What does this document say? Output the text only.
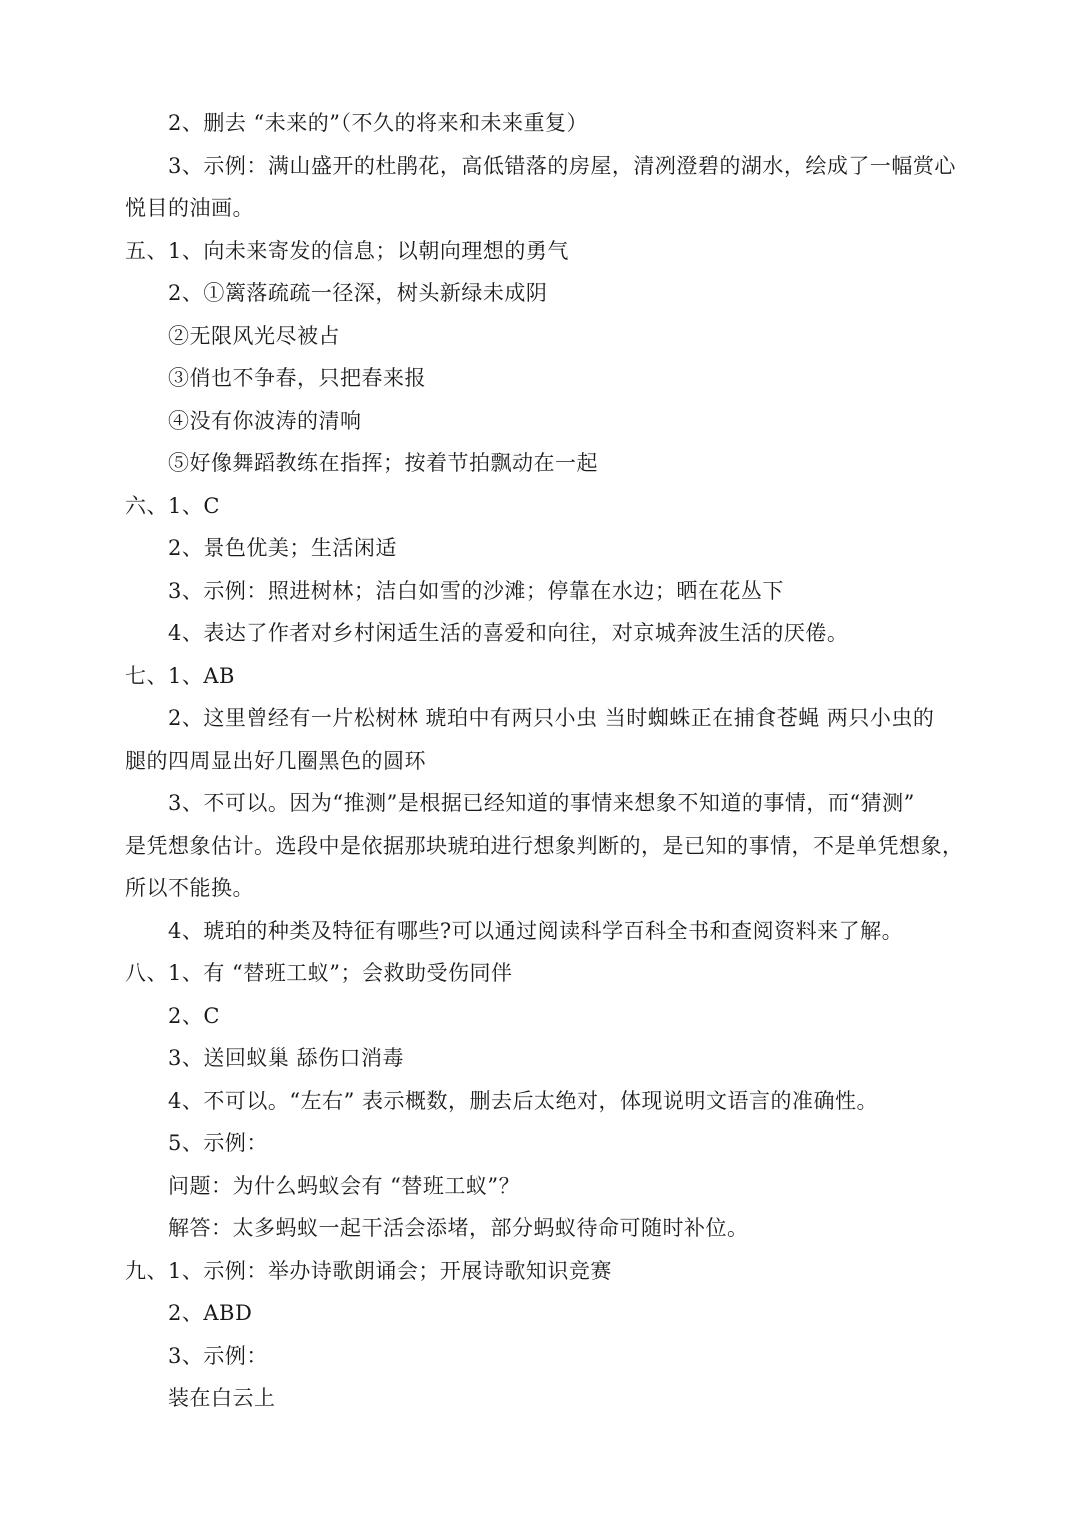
2、删去 “未来的”（不久的将来和未来重复）
3、示例：满山盛开的杜鹃花，高低错落的房屋，清冽澄碧的湖水，绘成了一幅赏心
悦目的油画。
五、1、向未来寄发的信息；以朝向理想的勇气
2、①篱落疏疏一径深，树头新绿未成阴
②无限风光尽被占
③俏也不争春，只把春来报
④没有你波涛的清响
⑤好像舞蹈教练在指挥；按着节拍飘动在一起
六、1、C
2、景色优美；生活闲适
3、示例：照进树林；洁白如雪的沙滩；停靠在水边；晒在花丛下
4、表达了作者对乡村闲适生活的喜爱和向往，对京城奔波生活的厌倦。
七、1、AB
2、这里曾经有一片松树林 琥珀中有两只小虫 当时蜘蛛正在捕食苍蝇 两只小虫的
腿的四周显出好几圈黑色的圆环
3、不可以。因为“推测”是根据已经知道的事情来想象不知道的事情，而“猜测”
是凭想象估计。选段中是依据那块琥珀进行想象判断的，是已知的事情，不是单凭想象，
所以不能换。
4、琥珀的种类及特征有哪些?可以通过阅读科学百科全书和查阅资料来了解。
八、1、有 “替班工蚁”；会救助受伤同伴
2、C
3、送回蚁巢 舔伤口消毒
4、不可以。“左右” 表示概数，删去后太绝对，体现说明文语言的准确性。
5、示例：
问题：为什么蚂蚁会有 “替班工蚁”？
解答：太多蚂蚁一起干活会添堵，部分蚂蚁待命可随时补位。
九、1、示例：举办诗歌朗诵会；开展诗歌知识竞赛
2、ABD
3、示例：
装在白云上
